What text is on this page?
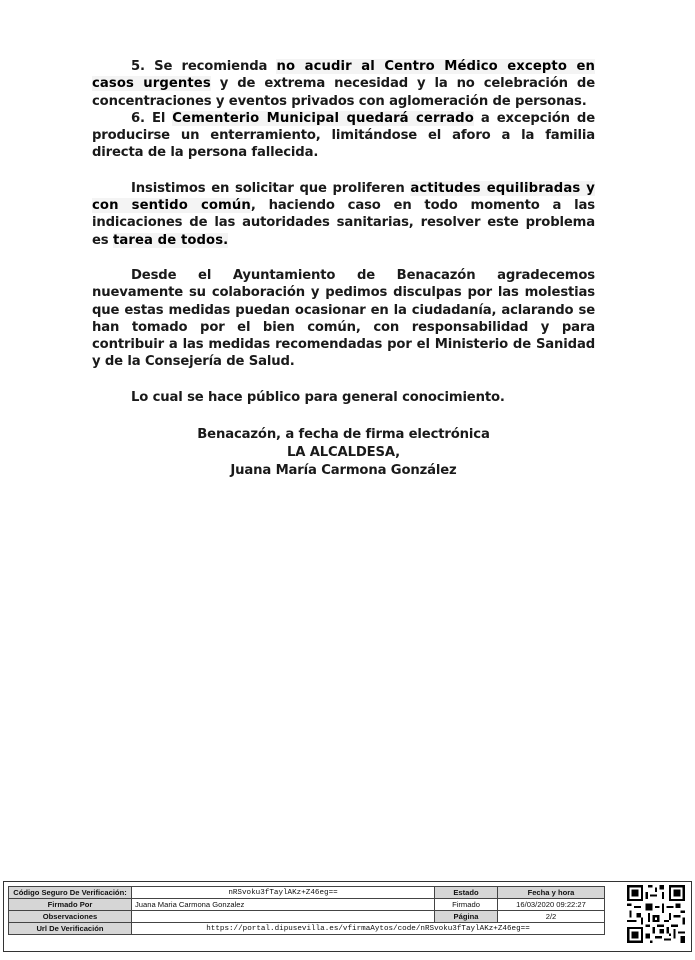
5. Se recomienda no acudir al Centro Médico excepto en casos urgentes y de extrema necesidad y la no celebración de concentraciones y eventos privados con aglomeración de personas.

6. El Cementerio Municipal quedará cerrado a excepción de producirse un enterramiento, limitándose el aforo a la familia directa de la persona fallecida.

Insistimos en solicitar que proliferen actitudes equilibradas y con sentido común, haciendo caso en todo momento a las indicaciones de las autoridades sanitarias, resolver este problema es tarea de todos.

Desde el Ayuntamiento de Benacazón agradecemos nuevamente su colaboración y pedimos disculpas por las molestias que estas medidas puedan ocasionar en la ciudadanía, aclarando se han tomado por el bien común, con responsabilidad y para contribuir a las medidas recomendadas por el Ministerio de Sanidad y de la Consejería de Salud.

Lo cual se hace público para general conocimiento.

Benacazón, a fecha de firma electrónica
LA ALCALDESA,
Juana María Carmona González
Código Seguro De Verificación:	nRSvoku3fTaylAKz+Z46eg==	Estado	Fecha y hora
Firmado Por	Juana Maria Carmona Gonzalez	Firmado	16/03/2020 09:22:27
Observaciones		Página	2/2
Url De Verificación	https://portal.dipusevilla.es/vfirmaAytos/code/nRSvoku3fTaylAKz+Z46eg==		
